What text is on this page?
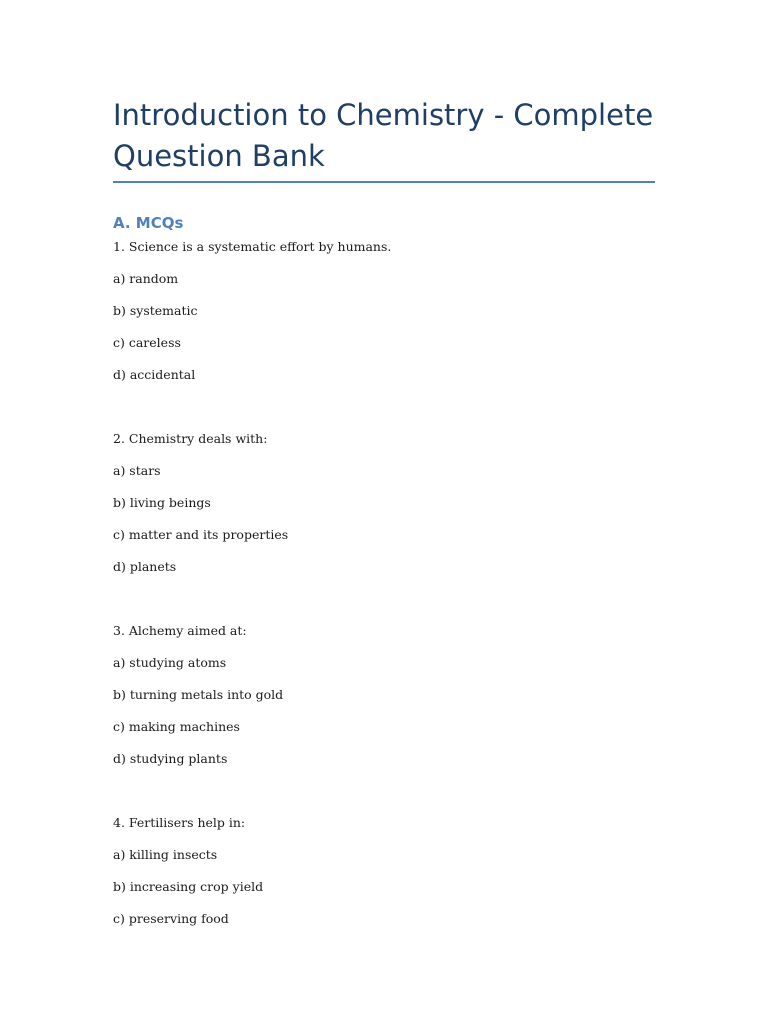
Introduction to Chemistry - Complete Question Bank
A. MCQs
1. Science is a systematic effort by humans.
a) random
b) systematic
c) careless
d) accidental
2. Chemistry deals with:
a) stars
b) living beings
c) matter and its properties
d) planets
3. Alchemy aimed at:
a) studying atoms
b) turning metals into gold
c) making machines
d) studying plants
4. Fertilisers help in:
a) killing insects
b) increasing crop yield
c) preserving food
